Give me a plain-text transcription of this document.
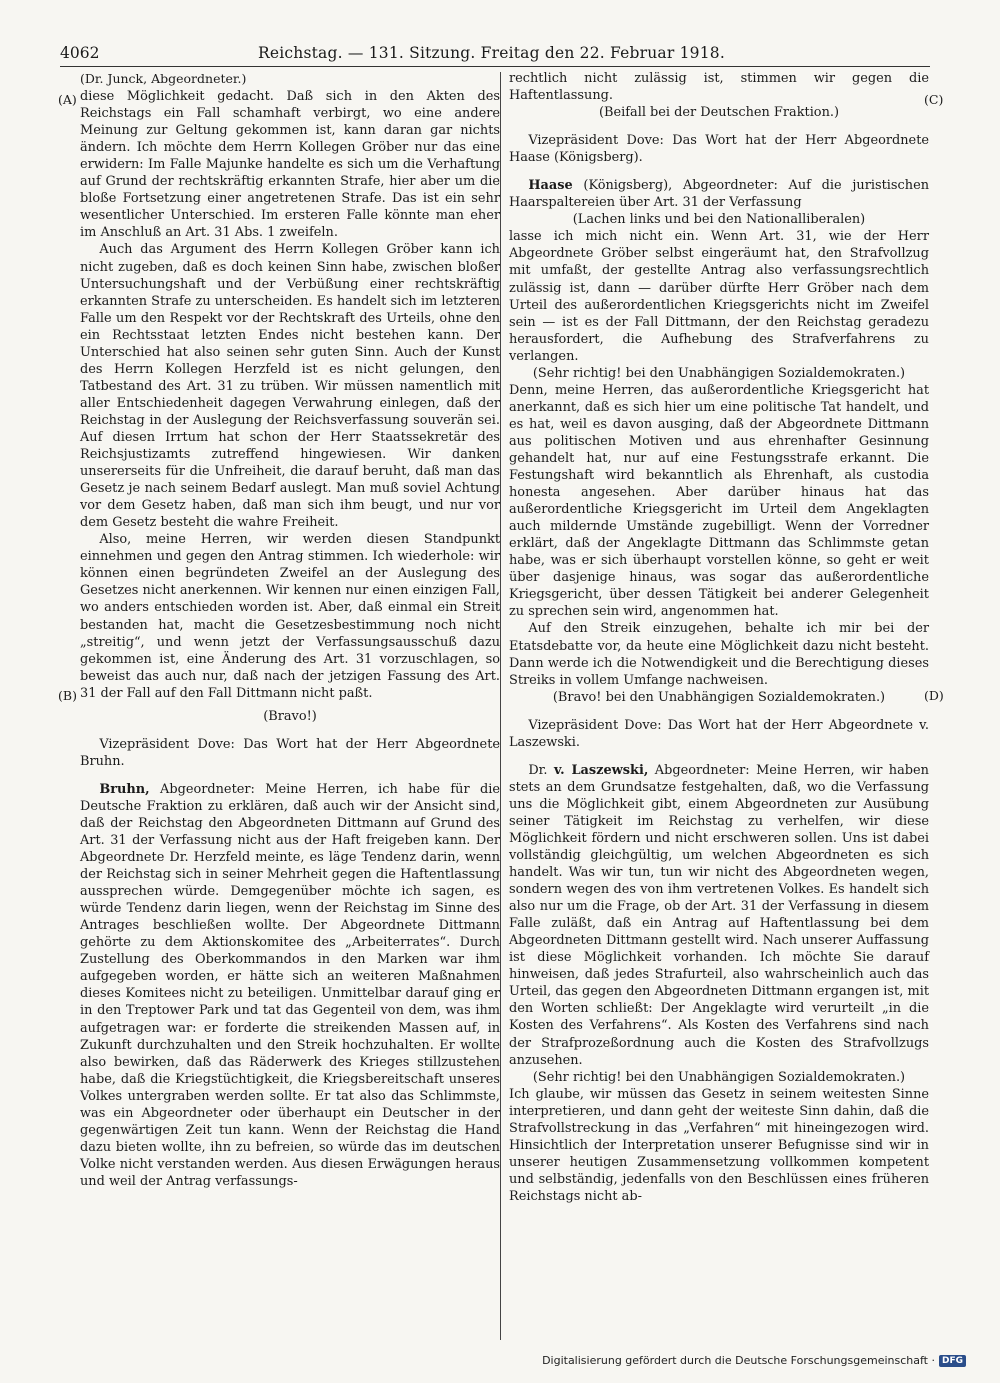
4062	Reichstag. — 131. Sitzung. Freitag den 22. Februar 1918.
(A)
(B)
(C)
(D)

(Dr. Junck, Abgeordneter.)

diese Möglichkeit gedacht. Daß sich in den Akten des Reichstags ein Fall schamhaft verbirgt, wo eine andere Meinung zur Geltung gekommen ist, kann daran gar nichts ändern. Ich möchte dem Herrn Kollegen Gröber nur das eine erwidern: Im Falle Majunke handelte es sich um die Verhaftung auf Grund der rechtskräftig erkannten Strafe, hier aber um die bloße Fortsetzung einer angetretenen Strafe. Das ist ein sehr wesentlicher Unterschied. Im ersteren Falle könnte man eher im Anschluß an Art. 31 Abs. 1 zweifeln.

Auch das Argument des Herrn Kollegen Gröber kann ich nicht zugeben, daß es doch keinen Sinn habe, zwischen bloßer Untersuchungshaft und der Verbüßung einer rechtskräftig erkannten Strafe zu unterscheiden. Es handelt sich im letzteren Falle um den Respekt vor der Rechtskraft des Urteils, ohne den ein Rechtsstaat letzten Endes nicht bestehen kann. Der Unterschied hat also seinen sehr guten Sinn. Auch der Kunst des Herrn Kollegen Herzfeld ist es nicht gelungen, den Tatbestand des Art. 31 zu trüben. Wir müssen namentlich mit aller Entschiedenheit dagegen Verwahrung einlegen, daß der Reichstag in der Auslegung der Reichsverfassung souverän sei. Auf diesen Irrtum hat schon der Herr Staatssekretär des Reichsjustizamts zutreffend hingewiesen. Wir danken unsererseits für die Unfreiheit, die darauf beruht, daß man das Gesetz je nach seinem Bedarf auslegt. Man muß soviel Achtung vor dem Gesetz haben, daß man sich ihm beugt, und nur vor dem Gesetz besteht die wahre Freiheit.

Also, meine Herren, wir werden diesen Standpunkt einnehmen und gegen den Antrag stimmen. Ich wiederhole: wir können einen begründeten Zweifel an der Auslegung des Gesetzes nicht anerkennen. Wir kennen nur einen einzigen Fall, wo anders entschieden worden ist. Aber, daß einmal ein Streit bestanden hat, macht die Gesetzesbestimmung noch nicht „streitig“, und wenn jetzt der Verfassungsausschuß dazu gekommen ist, eine Änderung des Art. 31 vorzuschlagen, so beweist das auch nur, daß nach der jetzigen Fassung des Art. 31 der Fall auf den Fall Dittmann nicht paßt.

(Bravo!)

Vizepräsident Dove: Das Wort hat der Herr Abgeordnete Bruhn.

Bruhn, Abgeordneter: Meine Herren, ich habe für die Deutsche Fraktion zu erklären, daß auch wir der Ansicht sind, daß der Reichstag den Abgeordneten Dittmann auf Grund des Art. 31 der Verfassung nicht aus der Haft freigeben kann. Der Abgeordnete Dr. Herzfeld meinte, es läge Tendenz darin, wenn der Reichstag sich in seiner Mehrheit gegen die Haftentlassung aussprechen würde. Demgegenüber möchte ich sagen, es würde Tendenz darin liegen, wenn der Reichstag im Sinne des Antrages beschließen wollte. Der Abgeordnete Dittmann gehörte zu dem Aktionskomitee des „Arbeiterrates“. Durch Zustellung des Oberkommandos in den Marken war ihm aufgegeben worden, er hätte sich an weiteren Maßnahmen dieses Komitees nicht zu beteiligen. Unmittelbar darauf ging er in den Treptower Park und tat das Gegenteil von dem, was ihm aufgetragen war: er forderte die streikenden Massen auf, in Zukunft durchzuhalten und den Streik hochzuhalten. Er wollte also bewirken, daß das Räderwerk des Krieges stillzustehen habe, daß die Kriegstüchtigkeit, die Kriegsbereitschaft unseres Volkes untergraben werden sollte. Er tat also das Schlimmste, was ein Abgeordneter oder überhaupt ein Deutscher in der gegenwärtigen Zeit tun kann. Wenn der Reichstag die Hand dazu bieten wollte, ihn zu befreien, so würde das im deutschen Volke nicht verstanden werden. Aus diesen Erwägungen heraus und weil der Antrag verfassungs-

rechtlich nicht zulässig ist, stimmen wir gegen die Haftentlassung.

(Beifall bei der Deutschen Fraktion.)

Vizepräsident Dove: Das Wort hat der Herr Abgeordnete Haase (Königsberg).

Haase (Königsberg), Abgeordneter: Auf die juristischen Haarspaltereien über Art. 31 der Verfassung

(Lachen links und bei den Nationalliberalen)

lasse ich mich nicht ein. Wenn Art. 31, wie der Herr Abgeordnete Gröber selbst eingeräumt hat, den Strafvollzug mit umfaßt, der gestellte Antrag also verfassungsrechtlich zulässig ist, dann — darüber dürfte Herr Gröber nach dem Urteil des außerordentlichen Kriegsgerichts nicht im Zweifel sein — ist es der Fall Dittmann, der den Reichstag geradezu herausfordert, die Aufhebung des Strafverfahrens zu verlangen.

(Sehr richtig! bei den Unabhängigen Sozialdemokraten.)

Denn, meine Herren, das außerordentliche Kriegsgericht hat anerkannt, daß es sich hier um eine politische Tat handelt, und es hat, weil es davon ausging, daß der Abgeordnete Dittmann aus politischen Motiven und aus ehrenhafter Gesinnung gehandelt hat, nur auf eine Festungsstrafe erkannt. Die Festungshaft wird bekanntlich als Ehrenhaft, als custodia honesta angesehen. Aber darüber hinaus hat das außerordentliche Kriegsgericht im Urteil dem Angeklagten auch mildernde Umstände zugebilligt. Wenn der Vorredner erklärt, daß der Angeklagte Dittmann das Schlimmste getan habe, was er sich überhaupt vorstellen könne, so geht er weit über dasjenige hinaus, was sogar das außerordentliche Kriegsgericht, über dessen Tätigkeit bei anderer Gelegenheit zu sprechen sein wird, angenommen hat.

Auf den Streik einzugehen, behalte ich mir bei der Etatsdebatte vor, da heute eine Möglichkeit dazu nicht besteht. Dann werde ich die Notwendigkeit und die Berechtigung dieses Streiks in vollem Umfange nachweisen.

(Bravo! bei den Unabhängigen Sozialdemokraten.)

Vizepräsident Dove: Das Wort hat der Herr Abgeordnete v. Laszewski.

Dr. v. Laszewski, Abgeordneter: Meine Herren, wir haben stets an dem Grundsatze festgehalten, daß, wo die Verfassung uns die Möglichkeit gibt, einem Abgeordneten zur Ausübung seiner Tätigkeit im Reichstag zu verhelfen, wir diese Möglichkeit fördern und nicht erschweren sollen. Uns ist dabei vollständig gleichgültig, um welchen Abgeordneten es sich handelt. Was wir tun, tun wir nicht des Abgeordneten wegen, sondern wegen des von ihm vertretenen Volkes. Es handelt sich also nur um die Frage, ob der Art. 31 der Verfassung in diesem Falle zuläßt, daß ein Antrag auf Haftentlassung bei dem Abgeordneten Dittmann gestellt wird. Nach unserer Auffassung ist diese Möglichkeit vorhanden. Ich möchte Sie darauf hinweisen, daß jedes Strafurteil, also wahrscheinlich auch das Urteil, das gegen den Abgeordneten Dittmann ergangen ist, mit den Worten schließt: Der Angeklagte wird verurteilt „in die Kosten des Verfahrens“. Als Kosten des Verfahrens sind nach der Strafprozeßordnung auch die Kosten des Strafvollzugs anzusehen.

(Sehr richtig! bei den Unabhängigen Sozialdemokraten.)

Ich glaube, wir müssen das Gesetz in seinem weitesten Sinne interpretieren, und dann geht der weiteste Sinn dahin, daß die Strafvollstreckung in das „Verfahren“ mit hineingezogen wird. Hinsichtlich der Interpretation unserer Befugnisse sind wir in unserer heutigen Zusammensetzung vollkommen kompetent und selbständig, jedenfalls von den Beschlüssen eines früheren Reichstags nicht ab-

Digitalisierung gefördert durch die Deutsche Forschungsgemeinschaft · DFG
